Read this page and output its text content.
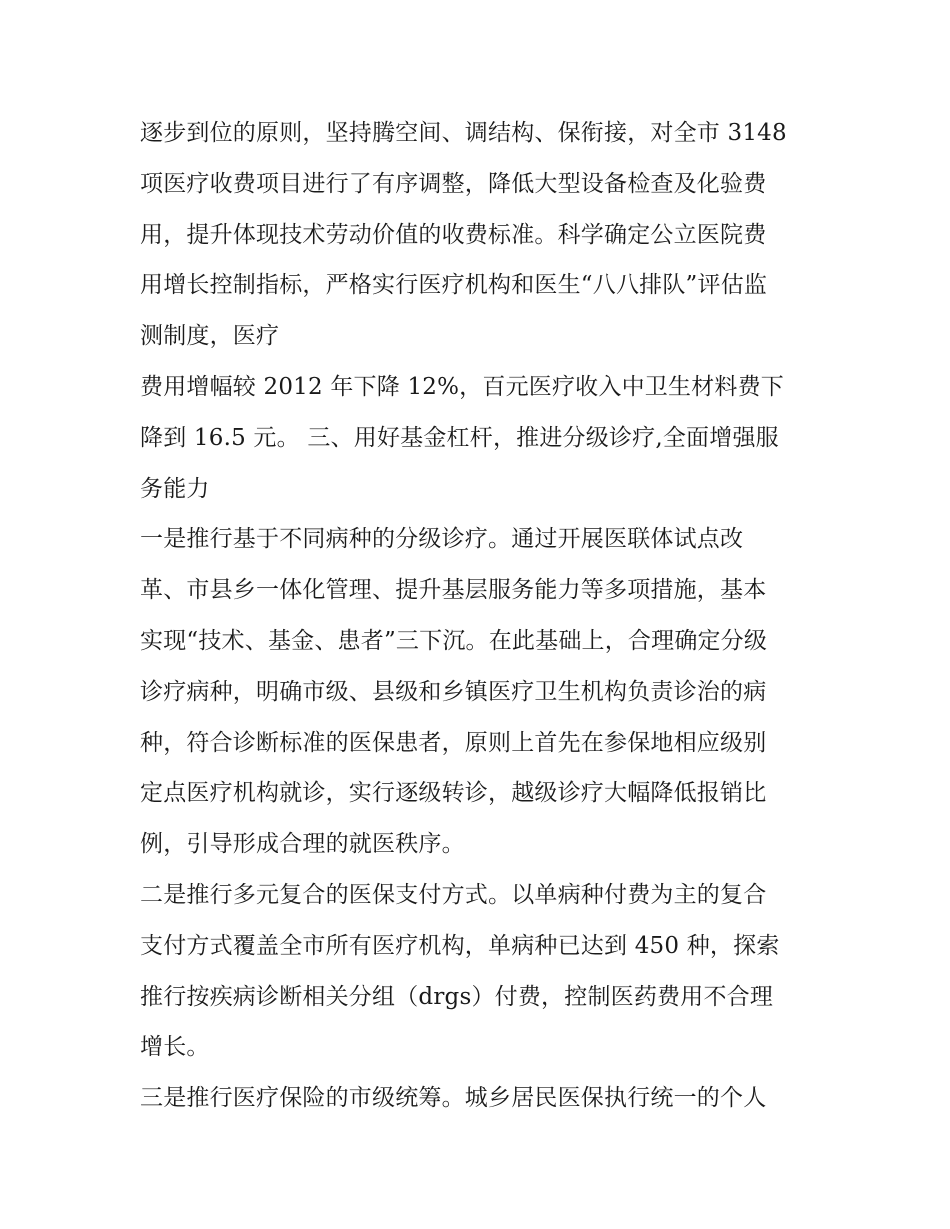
逐步到位的原则，坚持腾空间、调结构、保衔接，对全市 3148
项医疗收费项目进行了有序调整，降低大型设备检查及化验费
用，提升体现技术劳动价值的收费标准。科学确定公立医院费
用增长控制指标，严格实行医疗机构和医生“八八排队”评估监
测制度，医疗
费用增幅较 2012 年下降 12%，百元医疗收入中卫生材料费下
降到 16.5 元。 三、用好基金杠杆，推进分级诊疗,全面增强服
务能力
一是推行基于不同病种的分级诊疗。通过开展医联体试点改
革、市县乡一体化管理、提升基层服务能力等多项措施，基本
实现“技术、基金、患者”三下沉。在此基础上，合理确定分级
诊疗病种，明确市级、县级和乡镇医疗卫生机构负责诊治的病
种，符合诊断标准的医保患者，原则上首先在参保地相应级别
定点医疗机构就诊，实行逐级转诊，越级诊疗大幅降低报销比
例，引导形成合理的就医秩序。
二是推行多元复合的医保支付方式。以单病种付费为主的复合
支付方式覆盖全市所有医疗机构，单病种已达到 450 种，探索
推行按疾病诊断相关分组（drgs）付费，控制医药费用不合理
增长。
三是推行医疗保险的市级统筹。城乡居民医保执行统一的个人
